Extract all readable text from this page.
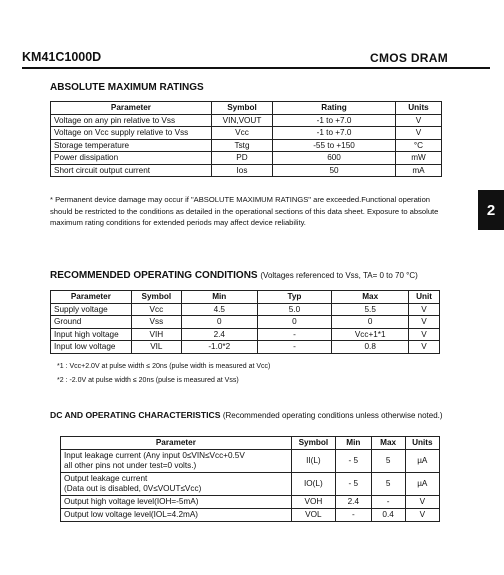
KM41C1000D	CMOS DRAM
2
ABSOLUTE MAXIMUM RATINGS
Parameter	Symbol	Rating	Units
Voltage on any pin relative to Vss	VIN,VOUT	-1 to +7.0	V
Voltage on Vcc supply relative to Vss	Vcc	-1 to +7.0	V
Storage temperature	Tstg	-55 to +150	°C
Power dissipation	PD	600	mW
Short circuit output current	Ios	50	mA
* Permanent device damage may occur if "ABSOLUTE MAXIMUM RATINGS" are exceeded.Functional operation should be restricted to the conditions as detailed in the operational sections of this data sheet. Exposure to absolute maximum rating conditions for extended periods may affect device reliability.
RECOMMENDED OPERATING CONDITIONS (Voltages referenced to Vss, TA= 0 to 70 °C)
Parameter	Symbol	Min	Typ	Max	Unit
Supply voltage	Vcc	4.5	5.0	5.5	V
Ground	Vss	0	0	0	V
Input high voltage	VIH	2.4	-	Vcc+1*1	V
Input low voltage	VIL	-1.0*2	-	0.8	V
*1 : Vcc+2.0V at pulse width ≤ 20ns (pulse width is measured at Vcc)
*2 : -2.0V at pulse width ≤ 20ns (pulse is measured at Vss)
DC AND OPERATING CHARACTERISTICS (Recommended operating conditions unless otherwise noted.)
Parameter	Symbol	Min	Max	Units
Input leakage current (Any input 0≤VIN≤Vcc+0.5V
all other pins not under test=0 volts.)	II(L)	- 5	5	µA
Output leakage current
(Data out is disabled, 0V≤VOUT≤Vcc)	IO(L)	- 5	5	µA
Output high voltage level(IOH=-5mA)	VOH	2.4	-	V
Output low voltage level(IOL=4.2mA)	VOL	-	0.4	V
